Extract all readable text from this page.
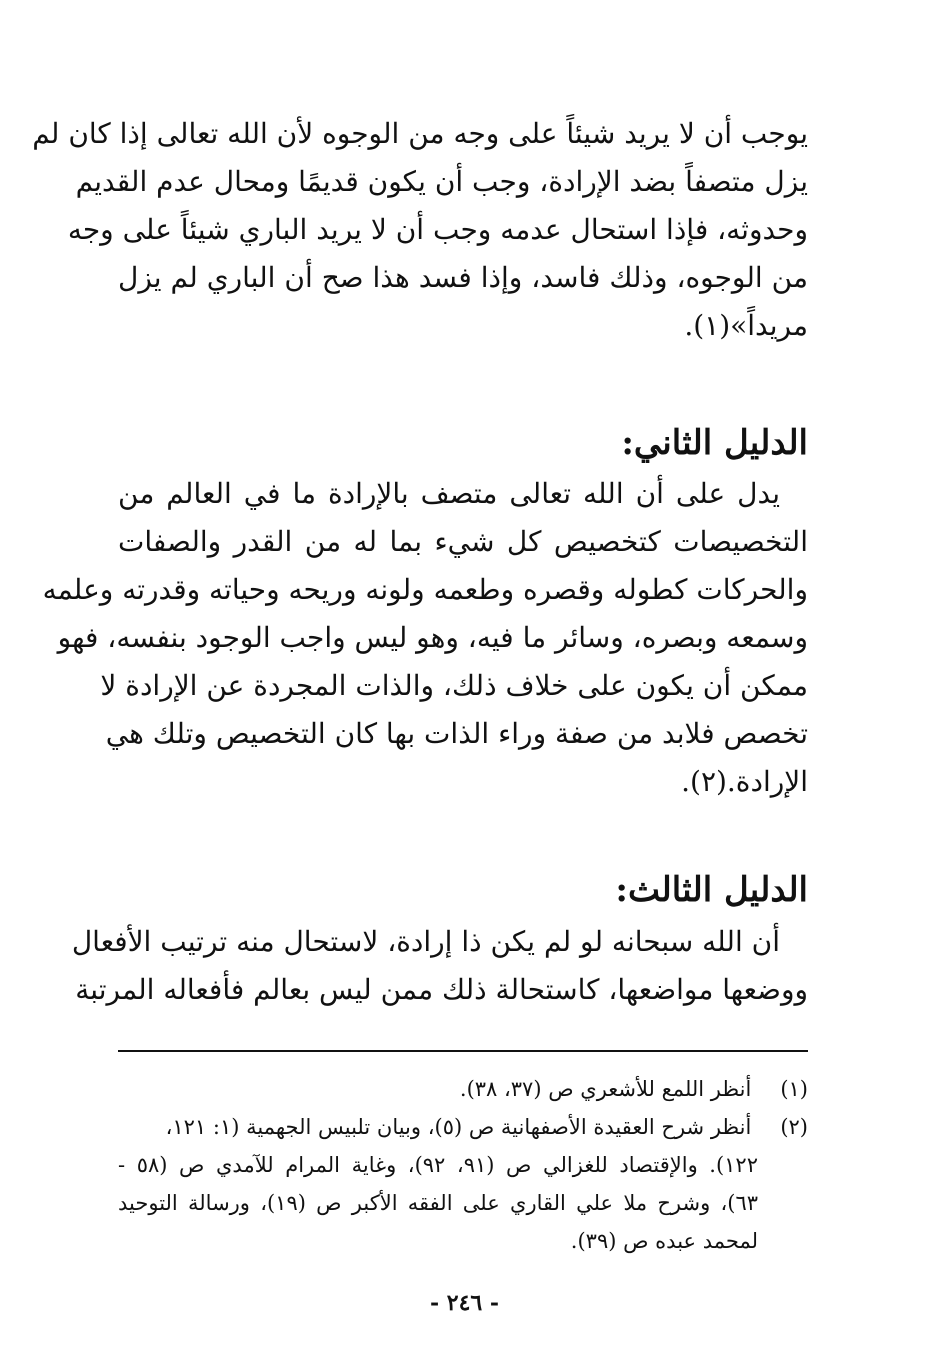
يوجب أن لا يريد شيئاً على وجه من الوجوه لأن الله تعالى إذا كان لم
يزل متصفاً بضد الإرادة، وجب أن يكون قديمًا ومحال عدم القديم
وحدوثه، فإذا استحال عدمه وجب أن لا يريد الباري شيئاً على وجه
من الوجوه، وذلك فاسد، وإذا فسد هذا صح أن الباري لم يزل
مريداً»(١).
الدليل الثاني:
يدل على أن الله تعالى متصف بالإرادة ما في العالم من
التخصيصات كتخصيص كل شيء بما له من القدر والصفات
والحركات كطوله وقصره وطعمه ولونه وريحه وحياته وقدرته وعلمه
وسمعه وبصره، وسائر ما فيه، وهو ليس واجب الوجود بنفسه، فهو
ممكن أن يكون على خلاف ذلك، والذات المجردة عن الإرادة لا
تخصص فلابد من صفة وراء الذات بها كان التخصيص وتلك هي
الإرادة.(٢).
الدليل الثالث:
أن الله سبحانه لو لم يكن ذا إرادة، لاستحال منه ترتيب الأفعال
ووضعها مواضعها، كاستحالة ذلك ممن ليس بعالم فأفعاله المرتبة
(١) أنظر اللمع للأشعري ص (٣٧، ٣٨).
(٢) أنظر شرح العقيدة الأصفهانية ص (٥)، وبيان تلبيس الجهمية (١: ١٢١،
١٢٢). والإقتصاد للغزالي ص (٩١، ٩٢)، وغاية المرام للآمدي ص (٥٨ -
٦٣)، وشرح ملا علي القاري على الفقه الأكبر ص (١٩)، ورسالة التوحيد
لمحمد عبده ص (٣٩).
- ٢٤٦ -
